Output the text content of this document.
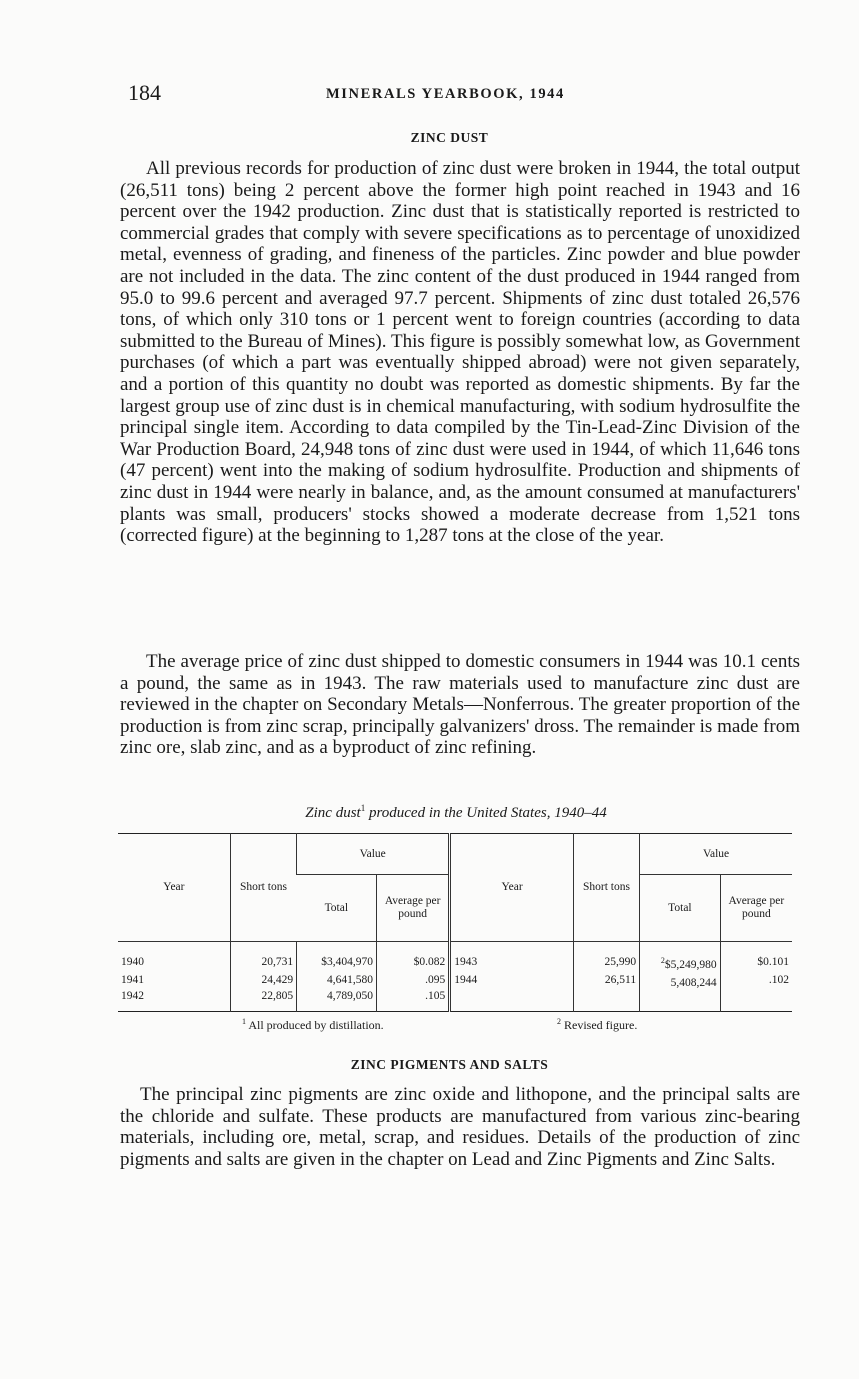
184	MINERALS YEARBOOK, 1944
ZINC DUST

All previous records for production of zinc dust were broken in 1944, the total output (26,511 tons) being 2 percent above the former high point reached in 1943 and 16 percent over the 1942 production. Zinc dust that is statistically reported is restricted to commercial grades that comply with severe specifications as to percentage of unoxidized metal, evenness of grading, and fineness of the particles. Zinc powder and blue powder are not included in the data. The zinc content of the dust produced in 1944 ranged from 95.0 to 99.6 percent and averaged 97.7 percent. Shipments of zinc dust totaled 26,576 tons, of which only 310 tons or 1 percent went to foreign countries (according to data submitted to the Bureau of Mines). This figure is possibly somewhat low, as Government purchases (of which a part was eventually shipped abroad) were not given separately, and a portion of this quantity no doubt was reported as domestic shipments. By far the largest group use of zinc dust is in chemical manufacturing, with sodium hydrosulfite the principal single item. According to data compiled by the Tin-Lead-Zinc Division of the War Production Board, 24,948 tons of zinc dust were used in 1944, of which 11,646 tons (47 percent) went into the making of sodium hydrosulfite. Production and shipments of zinc dust in 1944 were nearly in balance, and, as the amount consumed at manufacturers' plants was small, producers' stocks showed a moderate decrease from 1,521 tons (corrected figure) at the beginning to 1,287 tons at the close of the year.

The average price of zinc dust shipped to domestic consumers in 1944 was 10.1 cents a pound, the same as in 1943. The raw materials used to manufacture zinc dust are reviewed in the chapter on Secondary Metals—Nonferrous. The greater proportion of the production is from zinc scrap, principally galvanizers' dross. The remainder is made from zinc ore, slab zinc, and as a byproduct of zinc refining.

Zinc dust$^1$ produced in the United States, 1940–44
Year	Short tons	Value		Year	Short tons	Value	
		Total	Average per pound			Total	Average per pound
1940	20,731	$3,404,970	$0.082	1943	25,990	$^2$\$5,249,980	$0.101
1941	24,429	4,641,580	.095	1944	26,511	5,408,244	.102
1942	22,805	4,789,050	.105				
$^1$ All produced by distillation.	$^2$ Revised figure.
ZINC PIGMENTS AND SALTS

The principal zinc pigments are zinc oxide and lithopone, and the principal salts are the chloride and sulfate. These products are manufactured from various zinc-bearing materials, including ore, metal, scrap, and residues. Details of the production of zinc pigments and salts are given in the chapter on Lead and Zinc Pigments and Zinc Salts.
